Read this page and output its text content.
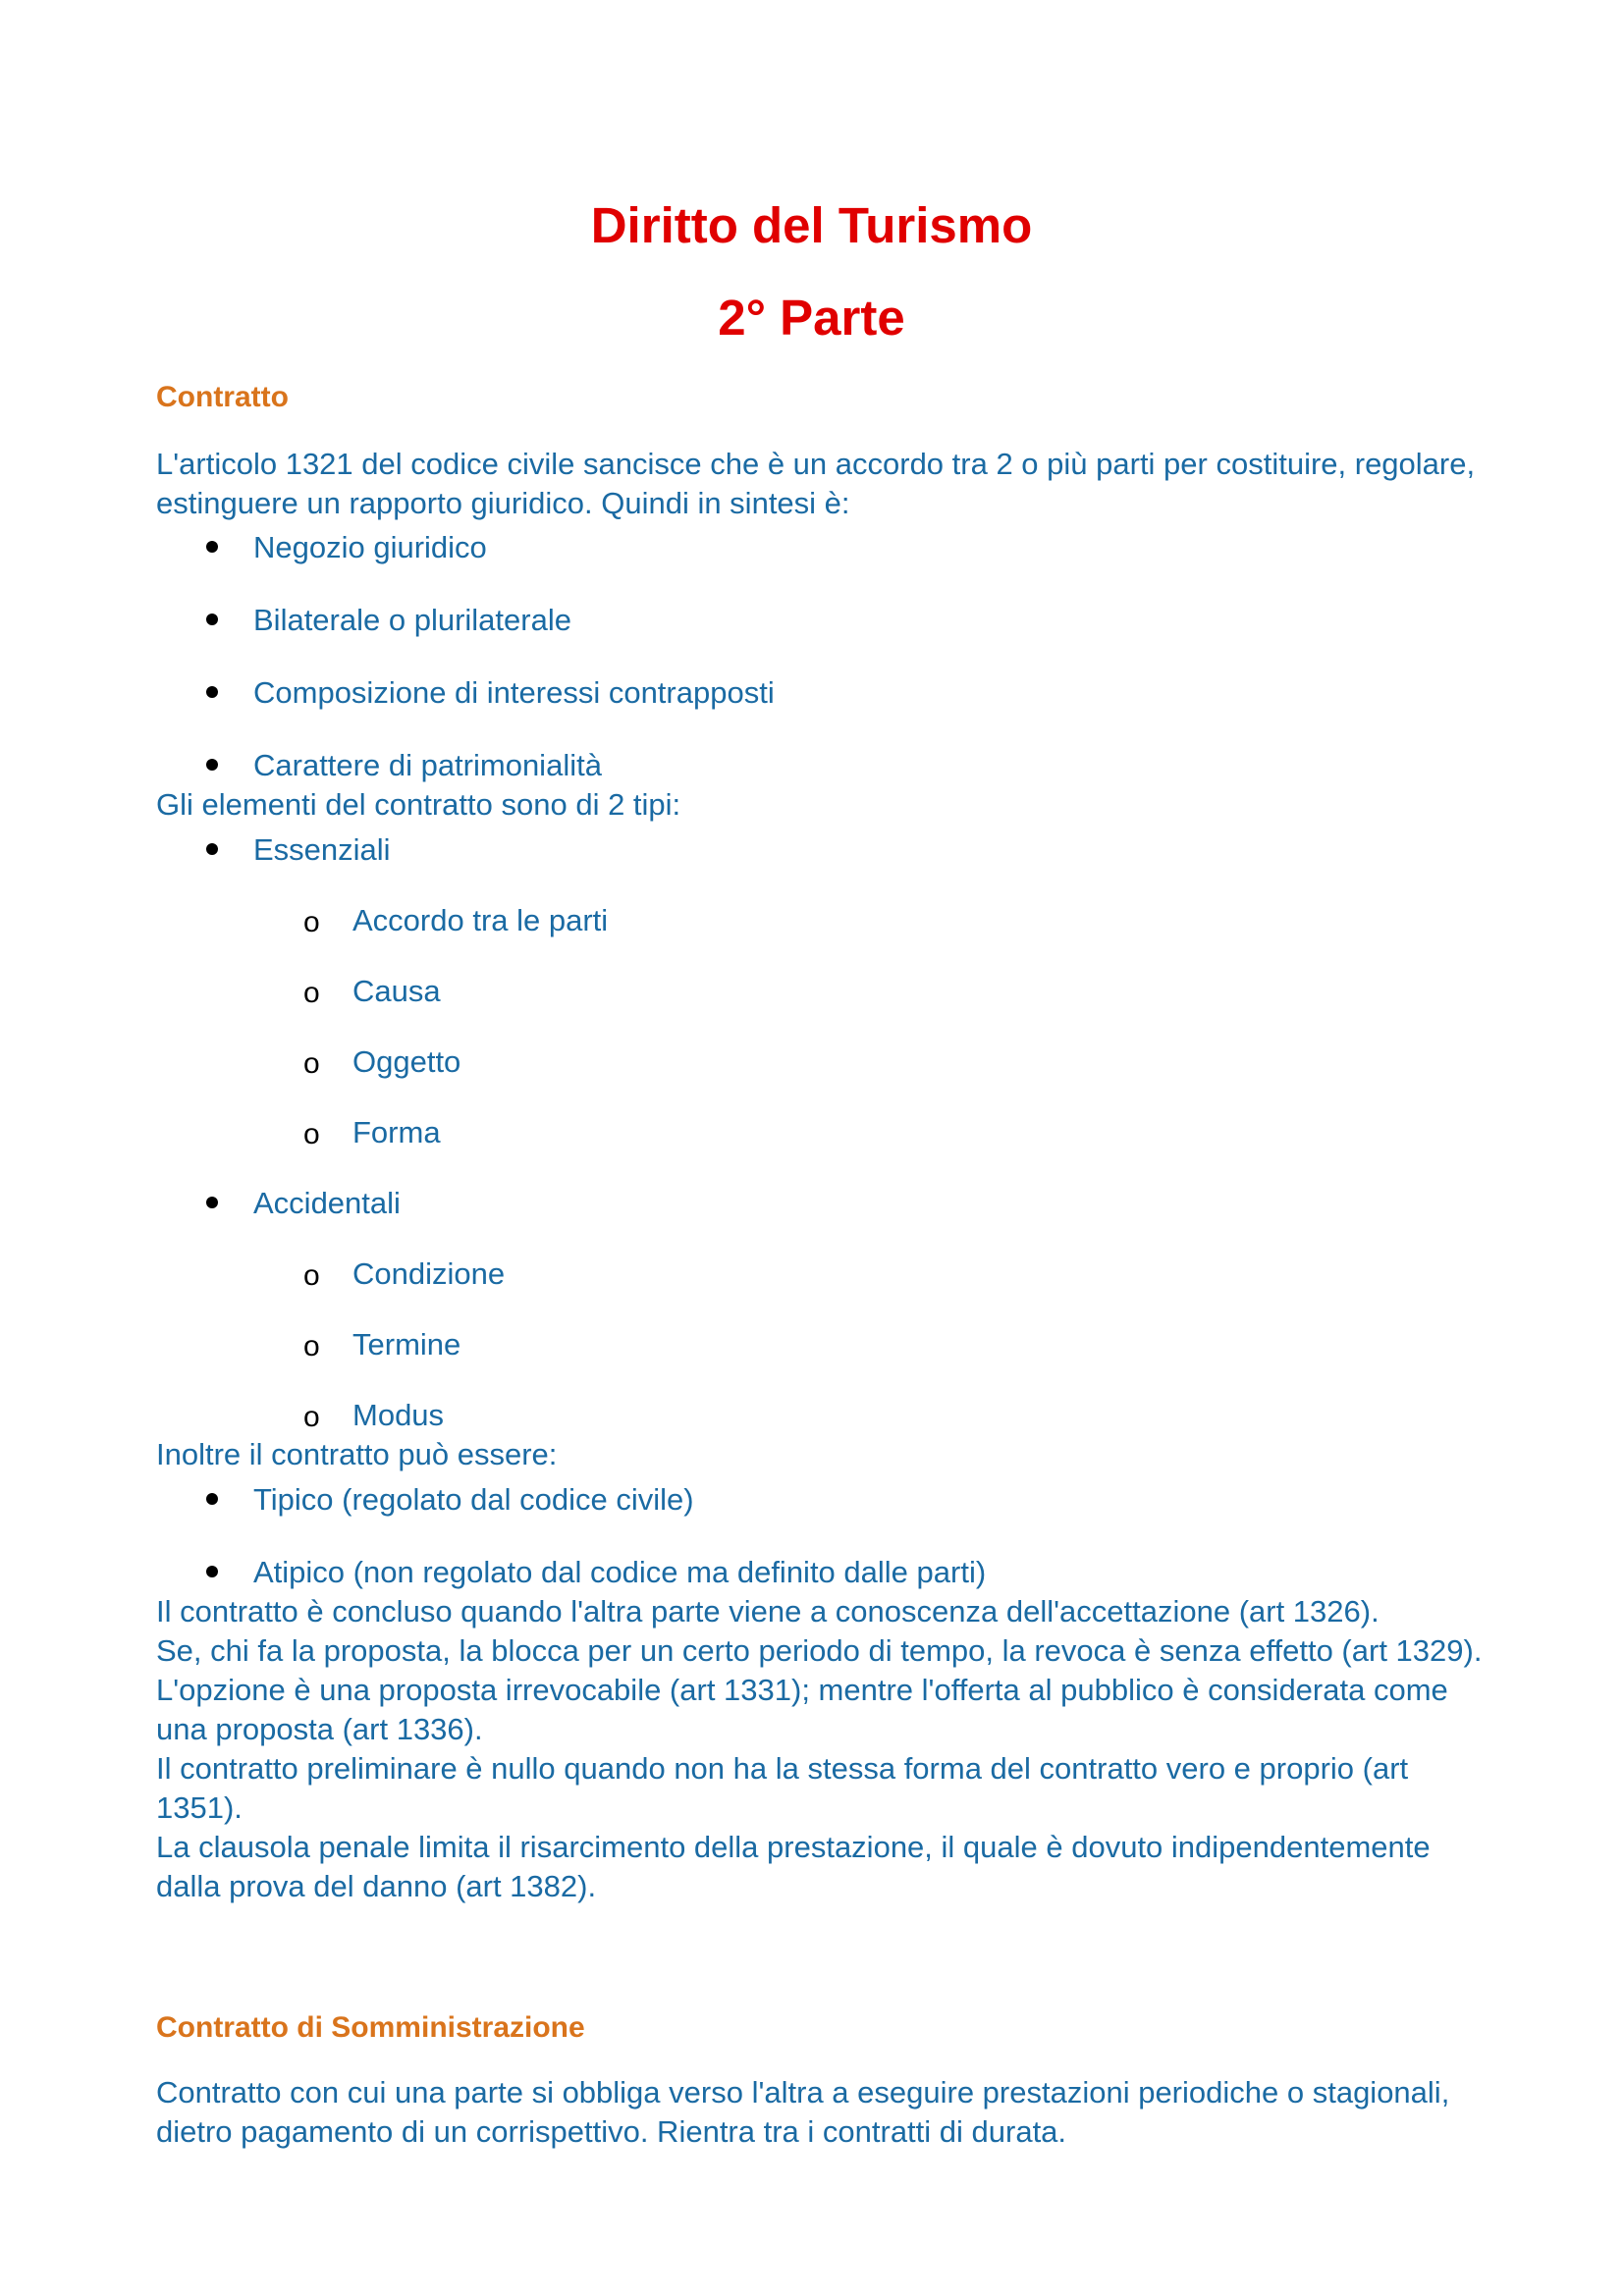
Diritto del Turismo
2° Parte
Contratto

L'articolo 1321 del codice civile sancisce che è un accordo tra 2 o più parti per costituire, regolare, estinguere un rapporto giuridico. Quindi in sintesi è:

Negozio giuridico
Bilaterale o plurilaterale
Composizione di interessi contrapposti
Carattere di patrimonialità

Gli elementi del contratto sono di 2 tipi:

Essenziali
o Accordo tra le parti
o Causa
o Oggetto
o Forma
Accidentali
o Condizione
o Termine
o Modus

Inoltre il contratto può essere:

Tipico (regolato dal codice civile)
Atipico (non regolato dal codice ma definito dalle parti)

Il contratto è concluso quando l'altra parte viene a conoscenza dell'accettazione (art 1326).

Se, chi fa la proposta, la blocca per un certo periodo di tempo, la revoca è senza effetto (art 1329).

L'opzione è una proposta irrevocabile (art 1331); mentre l'offerta al pubblico è considerata come una proposta (art 1336).

Il contratto preliminare è nullo quando non ha la stessa forma del contratto vero e proprio (art 1351).

La clausola penale limita il risarcimento della prestazione, il quale è dovuto indipendentemente dalla prova del danno (art 1382).

Contratto di Somministrazione

Contratto con cui una parte si obbliga verso l'altra a eseguire prestazioni periodiche o stagionali, dietro pagamento di un corrispettivo. Rientra tra i contratti di durata.
